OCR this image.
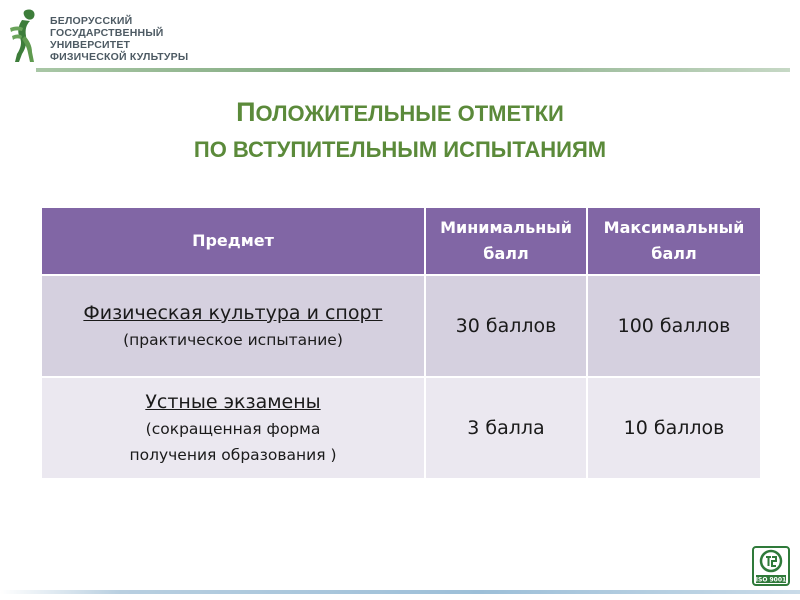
БЕЛОРУССКИЙ
ГОСУДАРСТВЕННЫЙ
УНИВЕРСИТЕТ
ФИЗИЧЕСКОЙ КУЛЬТУРЫ
ПОЛОЖИТЕЛЬНЫЕ ОТМЕТКИ
ПО ВСТУПИТЕЛЬНЫМ ИСПЫТАНИЯМ
Предмет	Минимальный балл	Максимальный балл

Физическая культура и спорт
(практическое испытание)	30 баллов	100 баллов

Устные экзамены
(сокращенная форма
получения образования )	3 балла	10 баллов
ISO 9001
